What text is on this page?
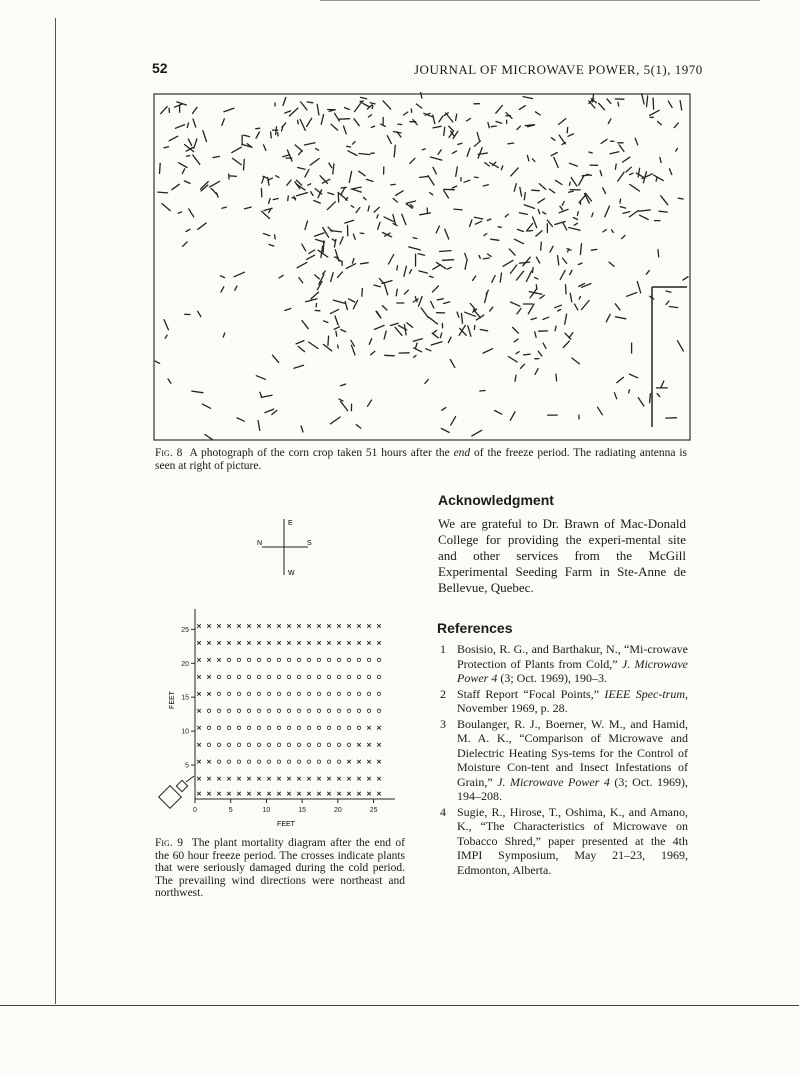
52	JOURNAL OF MICROWAVE POWER, 5(1), 1970
Fig. 8 A photograph of the corn crop taken 51 hours after the end of the freeze period. The radiating antenna is seen at right of picture.
Acknowledgment
We are grateful to Dr. Brawn of Mac-Donald College for providing the experi-mental site and other services from the McGill Experimental Seeding Farm in Ste-Anne de Bellevue, Quebec.
References
1 Bosisio, R. G., and Barthakur, N., “Mi-crowave Protection of Plants from Cold,” J. Microwave Power 4 (3; Oct. 1969), 190–3.
2 Staff Report “Focal Points,” IEEE Spec-trum, November 1969, p. 28.
3 Boulanger, R. J., Boerner, W. M., and Hamid, M. A. K., “Comparison of Microwave and Dielectric Heating Sys-tems for the Control of Moisture Con-tent and Insect Infestations of Grain,” J. Microwave Power 4 (3; Oct. 1969), 194–208.
4 Sugie, R., Hirose, T., Oshima, K., and Amano, K., “The Characteristics of Microwave on Tobacco Shred,” paper presented at the 4th IMPI Symposium, May 21–23, 1969, Edmonton, Alberta.
E
N	S
W
0	5	10	15	20	25
5
10
15
20
25
FEET
FEET
Fig. 9 The plant mortality diagram after the end of the 60 hour freeze period. The crosses indicate plants that were seriously damaged during the cold period. The prevailing wind directions were northeast and northwest.
